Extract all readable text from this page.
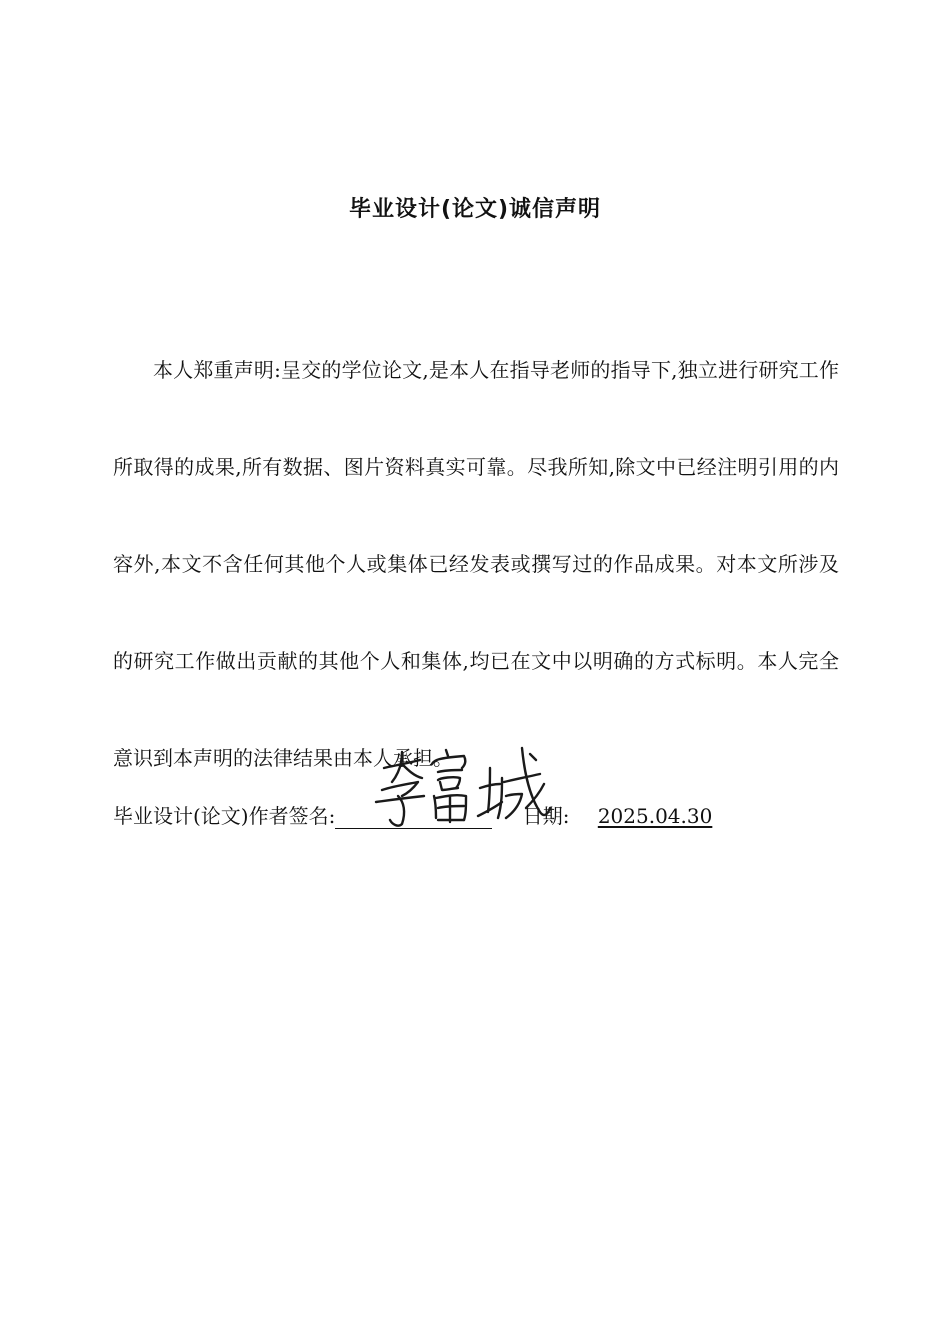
毕业设计(论文)诚信声明

本人郑重声明:呈交的学位论文,是本人在指导老师的指导下,独立进行研究工作所取得的成果,所有数据、图片资料真实可靠。尽我所知,除文中已经注明引用的内容外,本文不含任何其他个人或集体已经发表或撰写过的作品成果。对本文所涉及的研究工作做出贡献的其他个人和集体,均已在文中以明确的方式标明。本人完全意识到本声明的法律结果由本人承担。

毕业设计(论文)作者签名:	日期: 2025.04.30
